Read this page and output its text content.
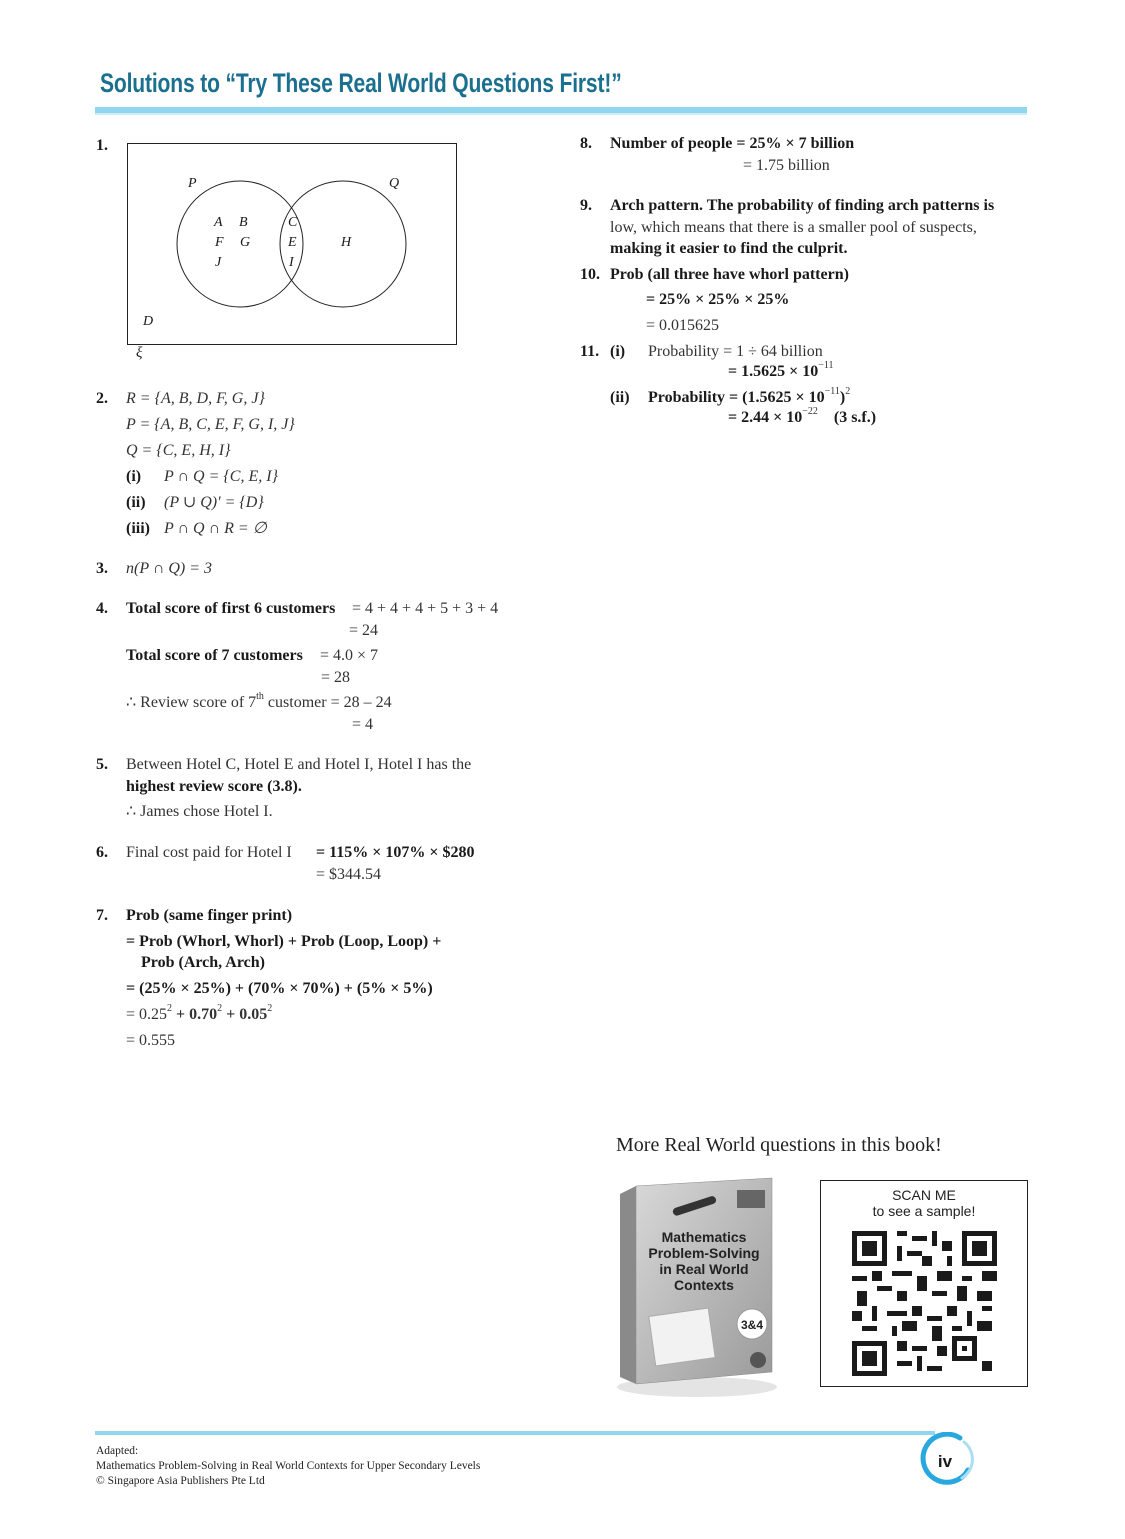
Solutions to “Try These Real World Questions First!”
1.
P	Q
A B
F G
J
C
E
I
H
D
ξ
2. R = {A, B, D, F, G, J}
P = {A, B, C, E, F, G, I, J}
Q = {C, E, H, I}
(i) P ∩ Q = {C, E, I}
(ii) (P ∪ Q)′ = {D}
(iii) P ∩ Q ∩ R = ∅
3. n(P ∩ Q) = 3
4. Total score of first 6 customers = 4 + 4 + 4 + 5 + 3 + 4
= 24
Total score of 7 customers = 4.0 × 7
= 28
∴ Review score of 7th customer = 28 – 24
= 4
5. Between Hotel C, Hotel E and Hotel I, Hotel I has the
highest review score (3.8).
∴ James chose Hotel I.
6. Final cost paid for Hotel I = 115% × 107% × $280
= $344.54
7. Prob (same finger print)
= Prob (Whorl, Whorl) + Prob (Loop, Loop) +
Prob (Arch, Arch)
= (25% × 25%) + (70% × 70%) + (5% × 5%)
= $0.25^2 + 0.70^2 + 0.05^2$
= 0.555
8. Number of people = 25% × 7 billion
= 1.75 billion
9. Arch pattern. The probability of finding arch patterns is
low, which means that there is a smaller pool of suspects,
making it easier to find the culprit.
10. Prob (all three have whorl pattern)
= 25% × 25% × 25%
= 0.015625
11. (i) Probability = 1 ÷ 64 billion
= $1.5625 \times 10^{-11}$
(ii) Probability = $(1.5625 \times 10^{-11})^2$
= $2.44 \times 10^{-22}$ (3 s.f.)
More Real World questions in this book!
Mathematics
Problem-Solving
in Real World
Contexts
3&4
SCAN ME
to see a sample!
Adapted:
Mathematics Problem-Solving in Real World Contexts for Upper Secondary Levels
© Singapore Asia Publishers Pte Ltd
iv
